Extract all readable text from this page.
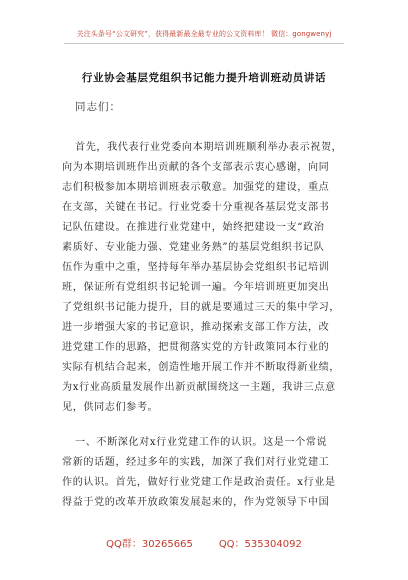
关注头条号“公文研究”，获得最新最全最专业的公文资料库！ 微信：gongwenyj
行业协会基层党组织书记能力提升培训班动员讲话
同志们：
首先，我代表行业党委向本期培训班顺利举办表示祝贺，
向为本期培训班作出贡献的各个支部表示衷心感谢，向同
志们积极参加本期培训班表示敬意。加强党的建设，重点
在支部，关键在书记。行业党委十分重视各基层党支部书
记队伍建设。在推进行业党建中，始终把建设一支“政治
素质好、专业能力强、党建业务熟”的基层党组织书记队
伍作为重中之重，坚持每年举办基层协会党组织书记培训
班，保证所有党组织书记轮训一遍。今年培训班更加突出
了党组织书记能力提升，目的就是要通过三天的集中学习，
进一步增强大家的书记意识，推动探索支部工作方法，改
进党建工作的思路，把贯彻落实党的方针政策同本行业的
实际有机结合起来，创造性地开展工作并不断取得新业绩，
为x行业高质量发展作出新贡献围绕这一主题，我讲三点意
见，供同志们参考。
一、不断深化对x行业党建工作的认识。这是一个常说
常新的话题，经过多年的实践，加深了我们对行业党建工
作的认识。首先，做好行业党建工作是政治责任。x行业是
得益于党的改革开放政策发展起来的，作为党领导下中国
QQ群：30265665	QQ：535304092
